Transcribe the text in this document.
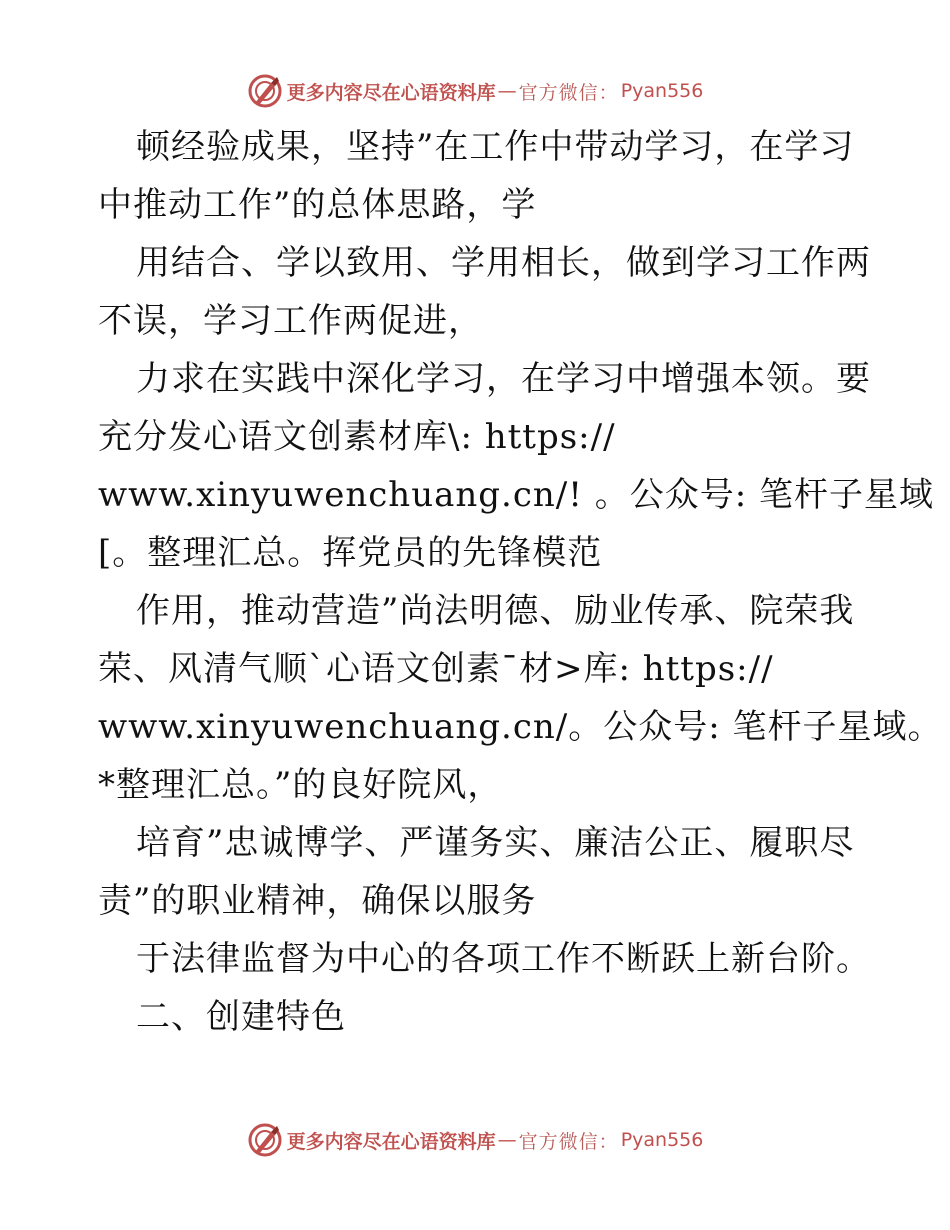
更多内容尽在心语资料库 — 官方微信： Pyan556
顿经验成果，坚持”在工作中带动学习，在学习
中推动工作”的总体思路，学
用结合、学以致用、学用相长，做到学习工作两
不误，学习工作两促进，
力求在实践中深化学习，在学习中增强本领。要
充分发心语文创素材库\: https://
www.xinyuwenchuang.cn/! 。公众号: 笔杆子星域
[。整理汇总。挥党员的先锋模范
作用，推动营造”尚法明德、励业传承、院荣我
荣、风清气顺`心语文创素¯材>库: https://
www.xinyuwenchuang.cn/。公众号: 笔杆子星域。
*整理汇总。”的良好院风，
培育”忠诚博学、严谨务实、廉洁公正、履职尽
责”的职业精神，确保以服务
于法律监督为中心的各项工作不断跃上新台阶。
二、创建特色
更多内容尽在心语资料库 — 官方微信： Pyan556
